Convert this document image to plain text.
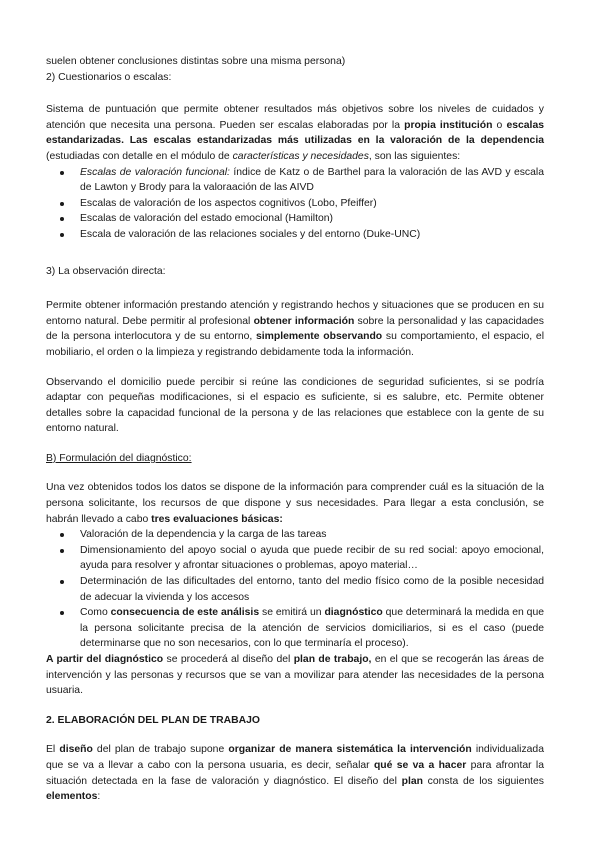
suelen obtener conclusiones distintas sobre una misma persona)

2) Cuestionarios o escalas:

Sistema de puntuación que permite obtener resultados más objetivos sobre los niveles de cuidados y atención que necesita una persona. Pueden ser escalas elaboradas por la propia institución o escalas estandarizadas. Las escalas estandarizadas más utilizadas en la valoración de la dependencia (estudiadas con detalle en el módulo de características y necesidades, son las siguientes:

Escalas de valoración funcional: índice de Katz o de Barthel para la valoración de las AVD y escala de Lawton y Brody para la valoraación de las AIVD
Escalas de valoración de los aspectos cognitivos (Lobo, Pfeiffer)
Escalas de valoración del estado emocional (Hamilton)
Escala de valoración de las relaciones sociales y del entorno (Duke-UNC)

3) La observación directa:

Permite obtener información prestando atención y registrando hechos y situaciones que se producen en su entorno natural. Debe permitir al profesional obtener información sobre la personalidad y las capacidades de la persona interlocutora y de su entorno, simplemente observando su comportamiento, el espacio, el mobiliario, el orden o la limpieza y registrando debidamente toda la información.

Observando el domicilio puede percibir si reúne las condiciones de seguridad suficientes, si se podría adaptar con pequeñas modificaciones, si el espacio es suficiente, si es salubre, etc. Permite obtener detalles sobre la capacidad funcional de la persona y de las relaciones que establece con la gente de su entorno natural.

B) Formulación del diagnóstico:

Una vez obtenidos todos los datos se dispone de la información para comprender cuál es la situación de la persona solicitante, los recursos de que dispone y sus necesidades. Para llegar a esta conclusión, se habrán llevado a cabo tres evaluaciones básicas:

Valoración de la dependencia y la carga de las tareas
Dimensionamiento del apoyo social o ayuda que puede recibir de su red social: apoyo emocional, ayuda para resolver y afrontar situaciones o problemas, apoyo material…
Determinación de las dificultades del entorno, tanto del medio físico como de la posible necesidad de adecuar la vivienda y los accesos
Como consecuencia de este análisis se emitirá un diagnóstico que determinará la medida en que la persona solicitante precisa de la atención de servicios domiciliarios, si es el caso (puede determinarse que no son necesarios, con lo que terminaría el proceso).

A partir del diagnóstico se procederá al diseño del plan de trabajo, en el que se recogerán las áreas de intervención y las personas y recursos que se van a movilizar para atender las necesidades de la persona usuaria.

2. ELABORACIÓN DEL PLAN DE TRABAJO

El diseño del plan de trabajo supone organizar de manera sistemática la intervención individualizada que se va a llevar a cabo con la persona usuaria, es decir, señalar qué se va a hacer para afrontar la situación detectada en la fase de valoración y diagnóstico. El diseño del plan consta de los siguientes elementos:
